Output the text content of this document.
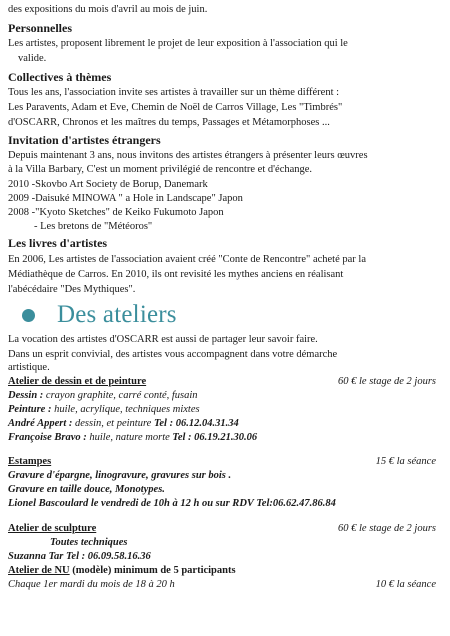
des expositions du mois d'avril au mois de juin.
Personnelles
Les artistes, proposent librement le projet de leur exposition à l'association qui le
valide.
Collectives à thèmes
Tous les ans, l'association invite ses artistes à travailler sur un thème différent :
Les Paravents, Adam et Eve, Chemin de Noël de Carros Village, Les "Timbrés"
d'OSCARR, Chronos et les maîtres du temps, Passages et Métamorphoses ...
Invitation d'artistes étrangers
Depuis maintenant 3 ans, nous invitons des artistes étrangers à présenter leurs œuvres
à la Villa Barbary, C'est un moment privilégié de rencontre et d'échange.
2010 -Skovbo Art Society de Borup, Danemark
2009 -Daisuké MINOWA " a Hole in Landscape" Japon
2008 -"Kyoto Sketches" de Keiko Fukumoto Japon
- Les bretons de "Météoros"
Les livres d'artistes
En 2006, Les artistes de l'association avaient créé "Conte de Rencontre" acheté par la
Médiathèque de Carros. En 2010, ils ont revisité les mythes anciens en réalisant
l'abécédaire "Des Mythiques".
Des ateliers
La vocation des artistes d'OSCARR est aussi de partager leur savoir faire.
Dans un esprit convivial, des artistes vous accompagnent dans votre démarche
artistique.
Atelier de dessin et de peinture	60 € le stage de 2 jours
Dessin : crayon graphite, carré conté, fusain
Peinture : huile, acrylique, techniques mixtes
André Appert : dessin, et peinture Tel : 06.12.04.31.34
Françoise Bravo : huile, nature morte Tel : 06.19.21.30.06
Estampes	15 € la séance
Gravure d'épargne, linogravure, gravures sur bois .
Gravure en taille douce, Monotypes.
Lionel Bascoulard le vendredi de 10h à 12 h ou sur RDV Tel:06.62.47.86.84
Atelier de sculpture	60 € le stage de 2 jours
Toutes techniques
Suzanna Tar Tel : 06.09.58.16.36
Atelier de NU (modèle) minimum de 5 participants
Chaque 1er mardi du mois de 18 à 20 h	10 € la séance
